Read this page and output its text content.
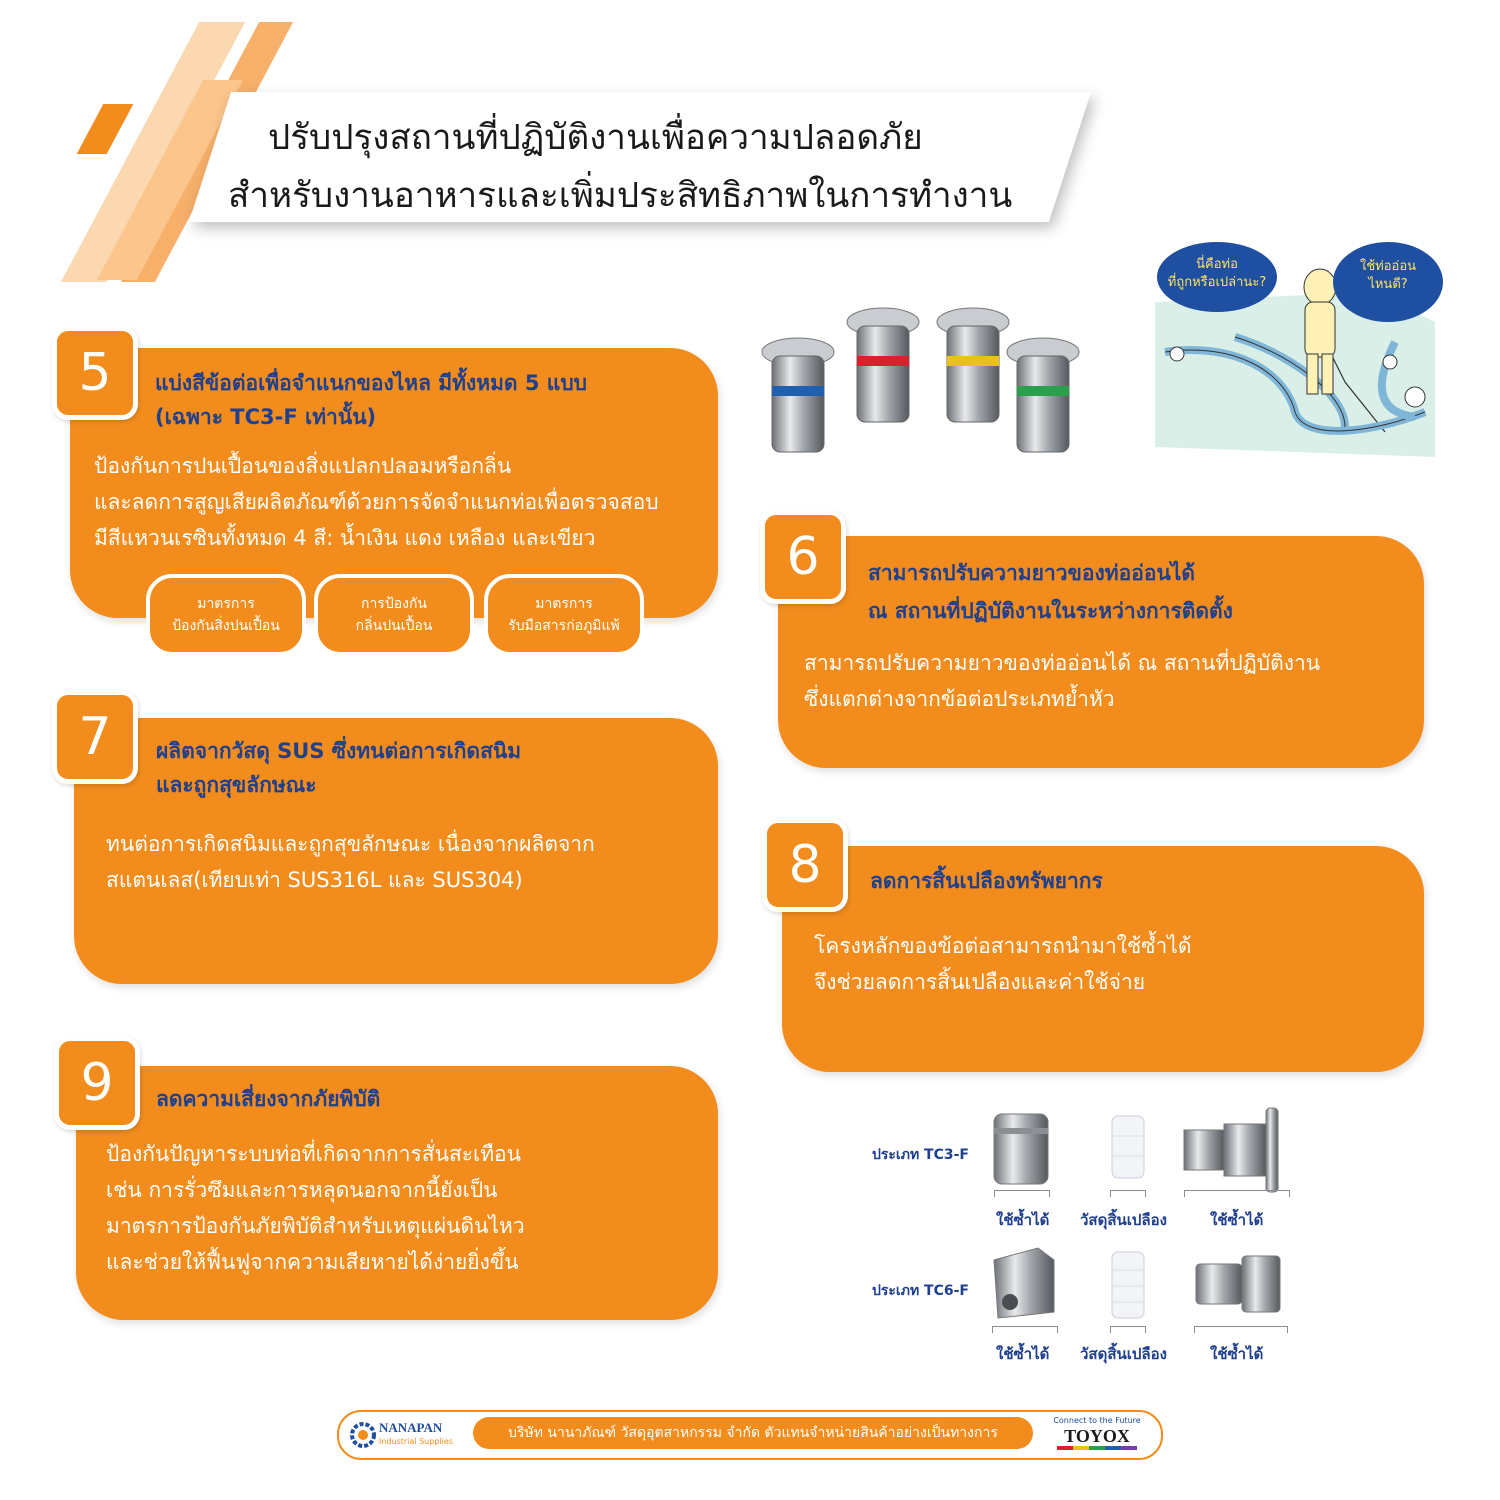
ปรับปรุงสถานที่ปฏิบัติงานเพื่อความปลอดภัย
สำหรับงานอาหารและเพิ่มประสิทธิภาพในการทำงาน
นี่คือท่อ
ที่ถูกหรือเปล่านะ?
ใช้ท่ออ่อน
ไหนดี?
5	แบ่งสีข้อต่อเพื่อจำแนกของไหล มีทั้งหมด 5 แบบ
(เฉพาะ TC3-F เท่านั้น)
ป้องกันการปนเปื้อนของสิ่งแปลกปลอมหรือกลิ่น
และลดการสูญเสียผลิตภัณฑ์ด้วยการจัดจำแนกท่อเพื่อตรวจสอบ
มีสีแหวนเรซินทั้งหมด 4 สี: น้ำเงิน แดง เหลือง และเขียว
มาตรการ
ป้องกันสิ่งปนเปื้อน
การป้องกัน
กลิ่นปนเปื้อน
มาตรการ
รับมือสารก่อภูมิแพ้
6	สามารถปรับความยาวของท่ออ่อนได้
ณ สถานที่ปฏิบัติงานในระหว่างการติดตั้ง
สามารถปรับความยาวของท่ออ่อนได้ ณ สถานที่ปฏิบัติงาน
ซึ่งแตกต่างจากข้อต่อประเภทย้ำหัว
7	ผลิตจากวัสดุ SUS ซึ่งทนต่อการเกิดสนิม
และถูกสุขลักษณะ
ทนต่อการเกิดสนิมและถูกสุขลักษณะ เนื่องจากผลิตจาก
สแตนเลส(เทียบเท่า SUS316L และ SUS304)	8	ลดการสิ้นเปลืองทรัพยากร
โครงหลักของข้อต่อสามารถนำมาใช้ซ้ำได้
จึงช่วยลดการสิ้นเปลืองและค่าใช้จ่าย
9	ลดความเสี่ยงจากภัยพิบัติ
ป้องกันปัญหาระบบท่อที่เกิดจากการสั่นสะเทือน
เช่น การรั่วซึมและการหลุดนอกจากนี้ยังเป็น
มาตรการป้องกันภัยพิบัติสำหรับเหตุแผ่นดินไหว
และช่วยให้ฟื้นฟูจากความเสียหายได้ง่ายยิ่งขึ้น
ประเภท TC3-F
ใช้ซ้ำได้ วัสดุสิ้นเปลือง	ใช้ซ้ำได้
ประเภท TC6-F
ใช้ซ้ำได้ วัสดุสิ้นเปลือง	ใช้ซ้ำได้
NANAPAN
Industrial Supplies
บริษัท นานาภัณฑ์ วัสดุอุตสาหกรรม จำกัด ตัวแทนจำหน่ายสินค้าอย่างเป็นทางการ
Connect to the Future
TOYOX
